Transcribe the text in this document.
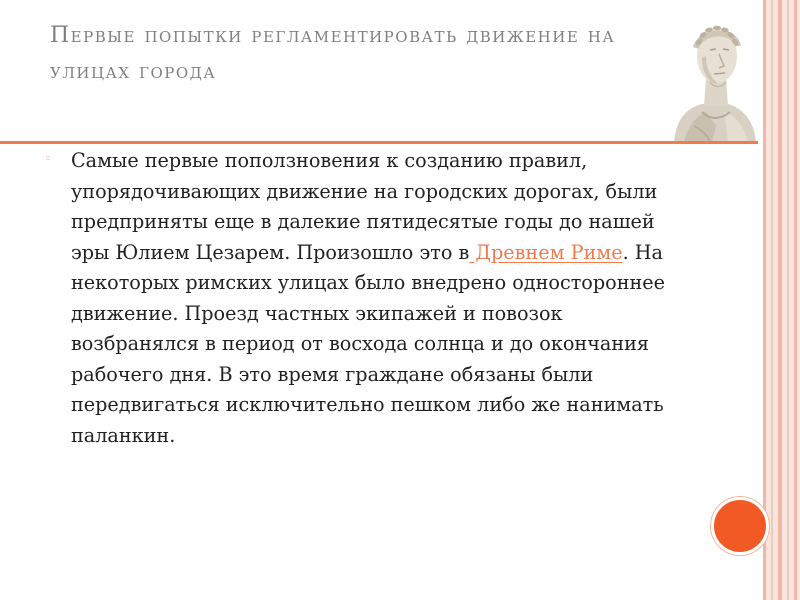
Первые попытки регламентировать движение на улицах города
◦	Самые первые поползновения к созданию правил, упорядочивающих движение на городских дорогах, были предприняты еще в далекие пятидесятые годы до нашей эры Юлием Цезарем. Произошло это в Древнем Риме. На некоторых римских улицах было внедрено одностороннее движение. Проезд частных экипажей и повозок возбранялся в период от восхода солнца и до окончания рабочего дня. В это время граждане обязаны были передвигаться исключительно пешком либо же нанимать паланкин.
